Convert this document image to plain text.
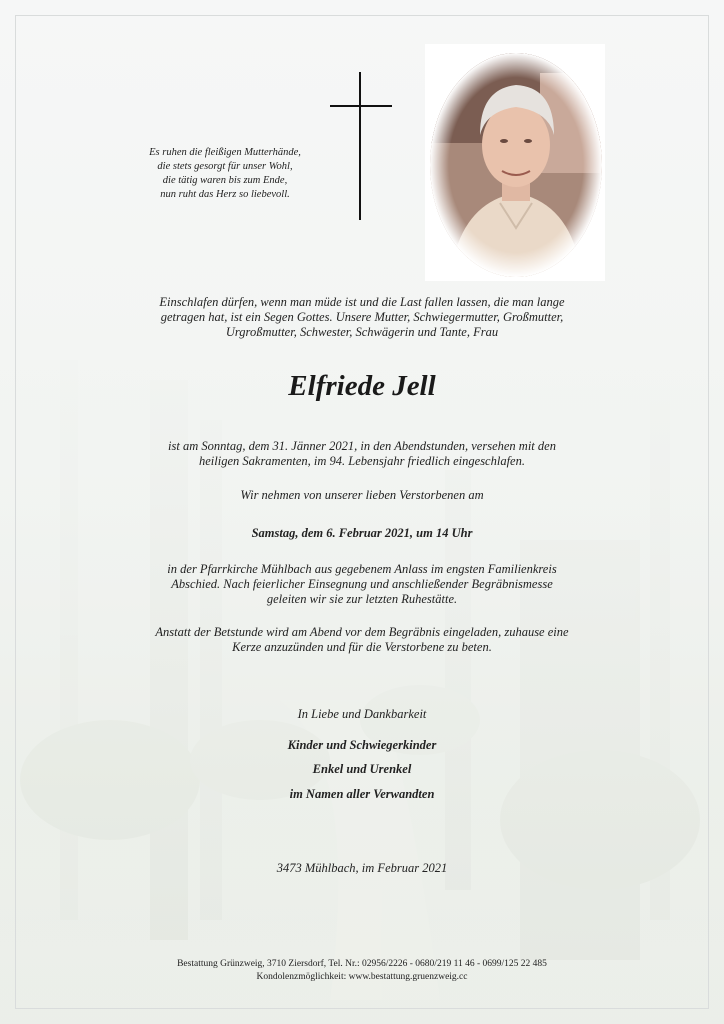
Es ruhen die fleißigen Mutterhände,
die stets gesorgt für unser Wohl,
die tätig waren bis zum Ende,
nun ruht das Herz so liebevoll.
Einschlafen dürfen, wenn man müde ist und die Last fallen lassen, die man lange
getragen hat, ist ein Segen Gottes. Unsere Mutter, Schwiegermutter, Großmutter,
Urgroßmutter, Schwester, Schwägerin und Tante, Frau
Elfriede Jell
ist am Sonntag, dem 31. Jänner 2021, in den Abendstunden, versehen mit den
heiligen Sakramenten, im 94. Lebensjahr friedlich eingeschlafen.
Wir nehmen von unserer lieben Verstorbenen am
Samstag, dem 6. Februar 2021, um 14 Uhr
in der Pfarrkirche Mühlbach aus gegebenem Anlass im engsten Familienkreis
Abschied. Nach feierlicher Einsegnung und anschließender Begräbnismesse
geleiten wir sie zur letzten Ruhestätte.
Anstatt der Betstunde wird am Abend vor dem Begräbnis eingeladen, zuhause eine
Kerze anzuzünden und für die Verstorbene zu beten.
In Liebe und Dankbarkeit
Kinder und Schwiegerkinder
Enkel und Urenkel
im Namen aller Verwandten
3473 Mühlbach, im Februar 2021
Bestattung Grünzweig, 3710 Ziersdorf, Tel. Nr.: 02956/2226 - 0680/219 11 46 - 0699/125 22 485
Kondolenzmöglichkeit: www.bestattung.gruenzweig.cc
